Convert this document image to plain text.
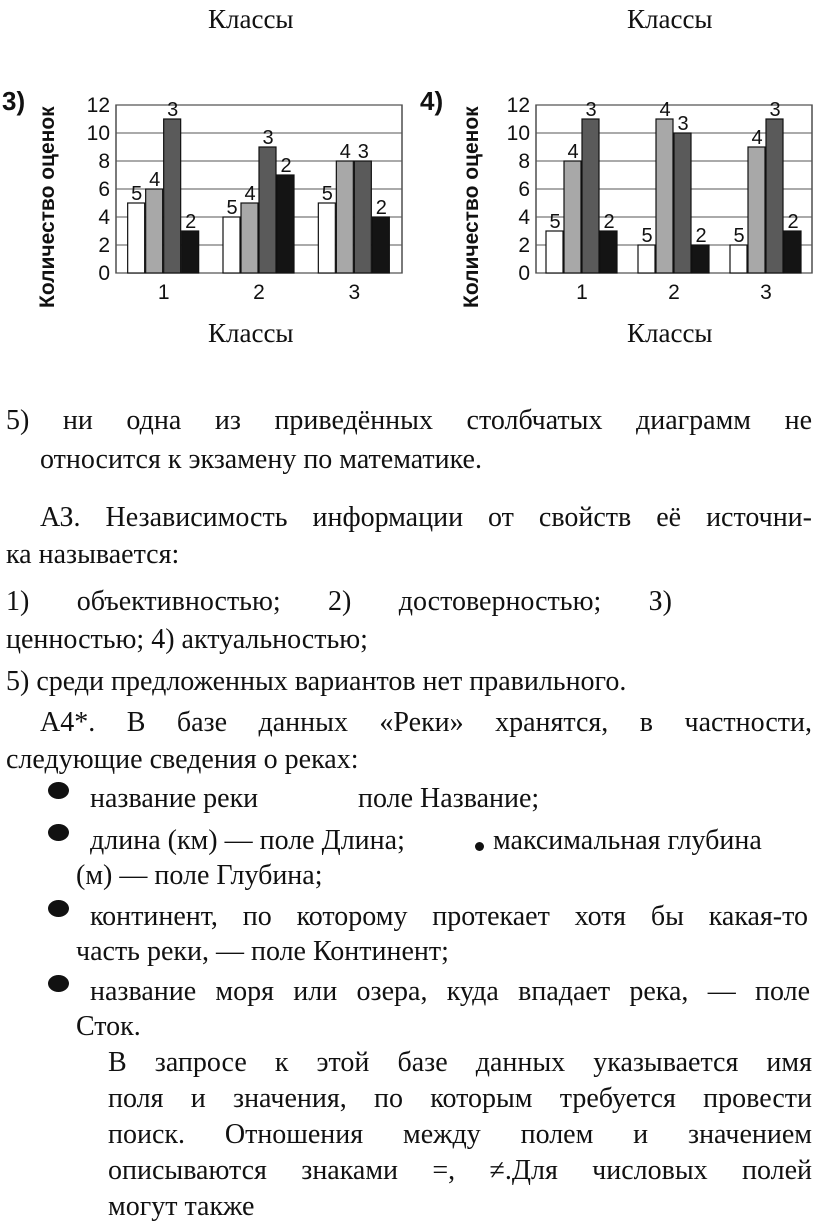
Классы	Классы
3)
Количество оценок 0
2
4
6
8
10
12
5
4
3
2
1
5
4
3
2
2
5
4 3
2
3
4)
Количество оценок 0
2
4
6
8
10
12
5
4
3
2
1
5
4
3
2
2
5
4
3
2
3
Классы	Классы
5) ни одна из приведённых столбчатых диаграмм не
относится к экзамену по математике.
АЗ. Независимость информации от свойств её источни-
ка называется:
1) объективностью; 2) достоверностью; З)
ценностью; 4) актуальностью;
5) среди предложенных вариантов нет правильного.
А4*. В базе данных «Реки» хранятся, в частности,
следующие сведения о реках:
название реки	поле Название;
длина (км) — поле Длина;	максимальная глубина
(м) — поле Глубина;
континент, по которому протекает хотя бы какая-то
часть реки, — поле Континент;
название моря или озера, куда впадает река, — поле
Сток.
В запросе к этой базе данных указывается имя
поля и значения, по которым требуется провести
поиск. Отношения между полем и значением
описываются знаками =, ≠.Для числовых полей
могут также
